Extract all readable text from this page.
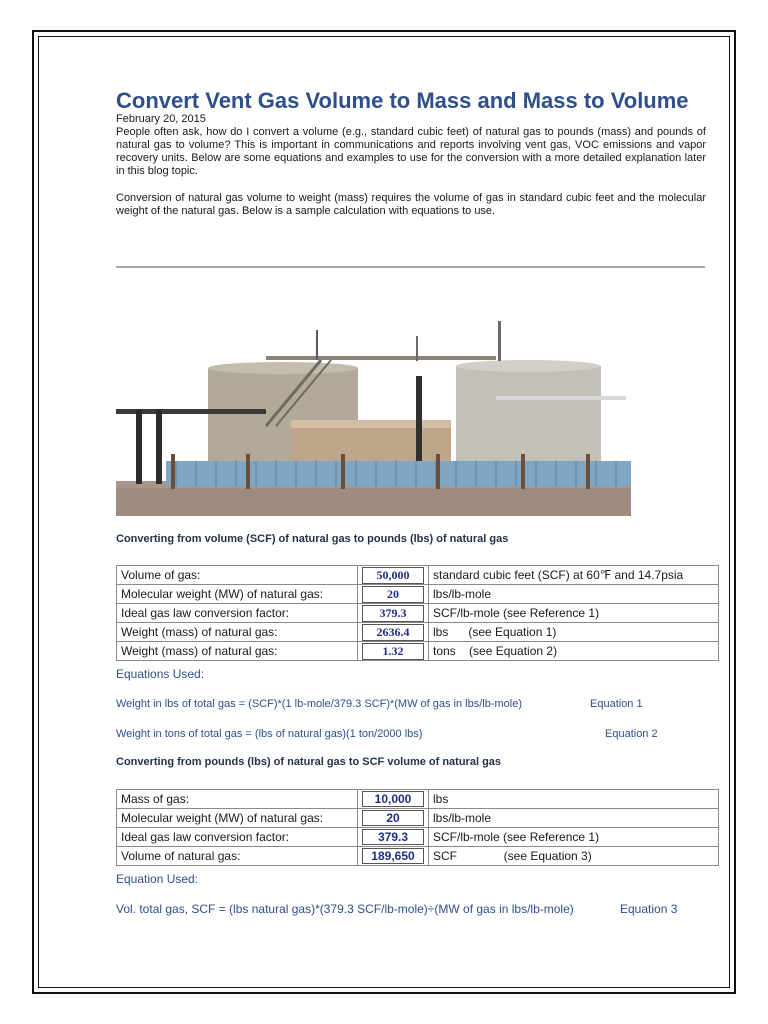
Convert Vent Gas Volume to Mass and Mass to Volume
February 20, 2015

People often ask, how do I convert a volume (e.g., standard cubic feet) of natural gas to pounds (mass) and pounds of natural gas to volume? This is important in communications and reports involving vent gas, VOC emissions and vapor recovery units. Below are some equations and examples to use for the conversion with a more detailed explanation later in this blog topic.

Conversion of natural gas volume to weight (mass) requires the volume of gas in standard cubic feet and the molecular weight of the natural gas. Below is a sample calculation with equations to use.

Converting from volume (SCF) of natural gas to pounds (lbs) of natural gas
Volume of gas:	50,000	standard cubic feet (SCF) at 60℉ and 14.7psia
Molecular weight (MW) of natural gas:	20	lbs/lb-mole
Ideal gas law conversion factor:	379.3	SCF/lb-mole (see Reference 1)
Weight (mass) of natural gas:	2636.4	lbs      (see Equation 1)
Weight (mass) of natural gas:	1.32	tons    (see Equation 2)
Equations Used:
Weight in lbs of total gas = (SCF)*(1 lb-mole/379.3 SCF)*(MW of gas in lbs/lb-mole)	Equation 1
Weight in tons of total gas = (lbs of natural gas)(1 ton/2000 lbs)	Equation 2
Converting from pounds (lbs) of natural gas to SCF volume of natural gas
Mass of gas:	10,000	lbs
Molecular weight (MW) of natural gas:	20	lbs/lb-mole
Ideal gas law conversion factor:	379.3	SCF/lb-mole (see Reference 1)
Volume of natural gas:	189,650	SCF              (see Equation 3)
Equation Used:
Vol. total gas, SCF = (lbs natural gas)*(379.3 SCF/lb-mole)÷(MW of gas in lbs/lb-mole)	Equation 3
